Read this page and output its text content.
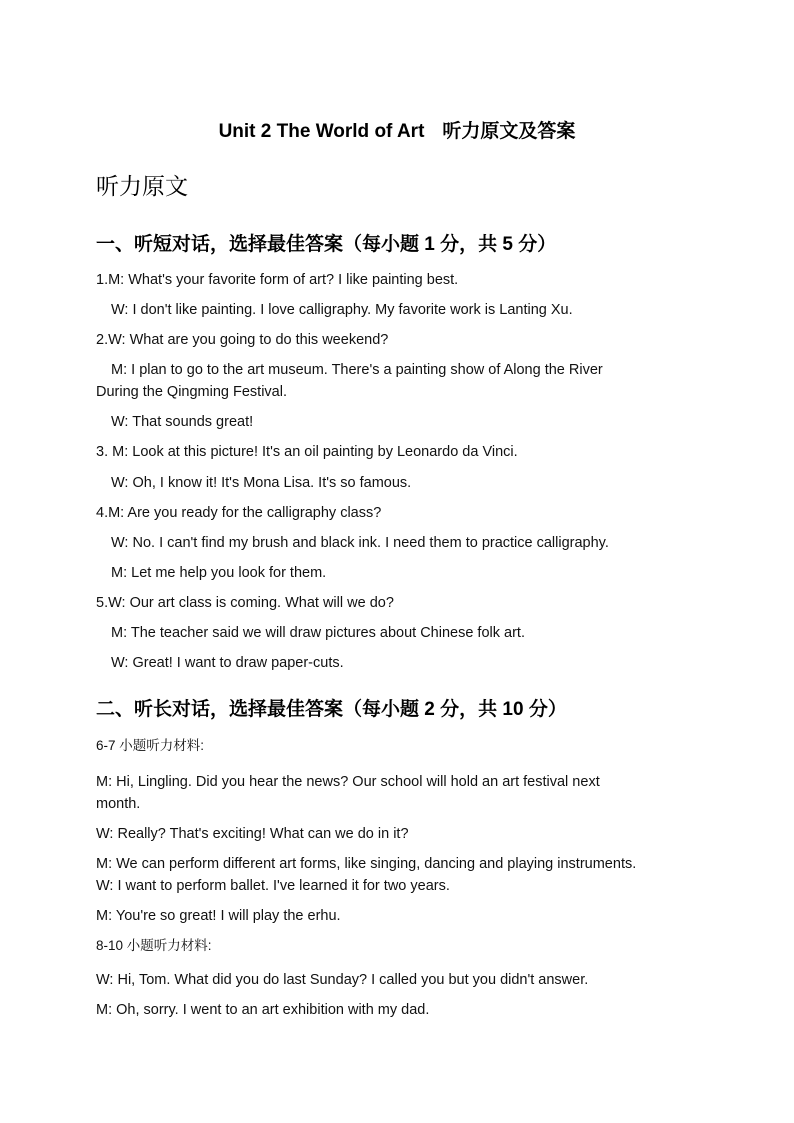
Unit 2 The World of Art 听力原文及答案
听力原文
一、听短对话，选择最佳答案（每小题 1 分，共 5 分）
1.M: What's your favorite form of art? I like painting best.
W: I don't like painting. I love calligraphy. My favorite work is Lanting Xu.
2.W: What are you going to do this weekend?
M: I plan to go to the art museum. There's a painting show of Along the River
During the Qingming Festival.
W: That sounds great!
3. M: Look at this picture! It's an oil painting by Leonardo da Vinci.
W: Oh, I know it! It's Mona Lisa. It's so famous.
4.M: Are you ready for the calligraphy class?
W: No. I can't find my brush and black ink. I need them to practice calligraphy.
M: Let me help you look for them.
5.W: Our art class is coming. What will we do?
M: The teacher said we will draw pictures about Chinese folk art.
W: Great! I want to draw paper-cuts.
二、听长对话，选择最佳答案（每小题 2 分，共 10 分）
6-7 小题听力材料:
M: Hi, Lingling. Did you hear the news? Our school will hold an art festival next
month.
W: Really? That's exciting! What can we do in it?
M: We can perform different art forms, like singing, dancing and playing instruments.
W: I want to perform ballet. I've learned it for two years.
M: You're so great! I will play the erhu.
8-10 小题听力材料:
W: Hi, Tom. What did you do last Sunday? I called you but you didn't answer.
M: Oh, sorry. I went to an art exhibition with my dad.
